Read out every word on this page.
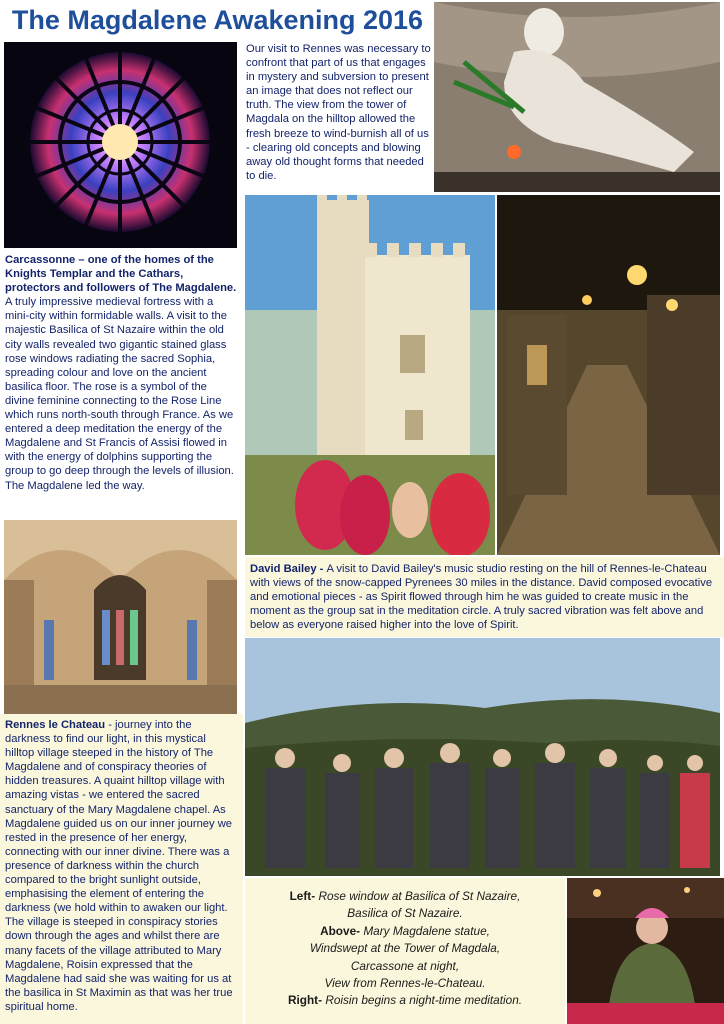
The Magdalene Awakening 2016

Carcassonne – one of the homes of the Knights Templar and the Cathars, protectors and followers of The Magdalene.

A truly impressive medieval fortress with a mini-city within formidable walls. A visit to the majestic Basilica of St Nazaire within the old city walls revealed two gigantic stained glass rose windows radiating the sacred Sophia, spreading colour and love on the ancient basilica floor. The rose is a symbol of the divine feminine connecting to the Rose Line which runs north-south through France. As we entered a deep meditation the energy of the Magdalene and St Francis of Assisi flowed in with the energy of dolphins supporting the group to go deep through the levels of illusion.

The Magdalene led the way.

Rennes le Chateau - journey into the darkness to find our light, in this mystical hilltop village steeped in the history of The Magdalene and of conspiracy theories of hidden treasures. A quaint hilltop village with amazing vistas - we entered the sacred sanctuary of the Mary Magdalene chapel. As Magdalene guided us on our inner journey we rested in the presence of her energy, connecting with our inner divine. There was a presence of darkness within the church compared to the bright sunlight outside, emphasising the element of entering the darkness (we hold within to awaken our light. The village is steeped in conspiracy stories down through the ages and whilst there are many facets of the village attributed to Mary Magdalene, Roisin expressed that the Magdalene had said she was waiting for us at the basilica in St Maximin as that was her true spiritual home.

Our visit to Rennes was necessary to confront that part of us that engages in mystery and subversion to present an image that does not reflect our truth. The view from the tower of Magdala on the hilltop allowed the fresh breeze to wind-burnish all of us - clearing old concepts and blowing away old thought forms that needed to die.

David Bailey - A visit to David Bailey's music studio resting on the hill of Rennes-le-Chateau with views of the snow-capped Pyrenees 30 miles in the distance. David composed evocative and emotional pieces - as Spirit flowed through him he was guided to create music in the moment as the group sat in the meditation circle. A truly sacred vibration was felt above and below as everyone raised higher into the love of Spirit.

Left- Rose window at Basilica of St Nazaire,
Basilica of St Nazaire.
Above- Mary Magdalene statue,
Windswept at the Tower of Magdala,
Carcassone at night,
View from Rennes-le-Chateau.
Right- Roisin begins a night-time meditation.
